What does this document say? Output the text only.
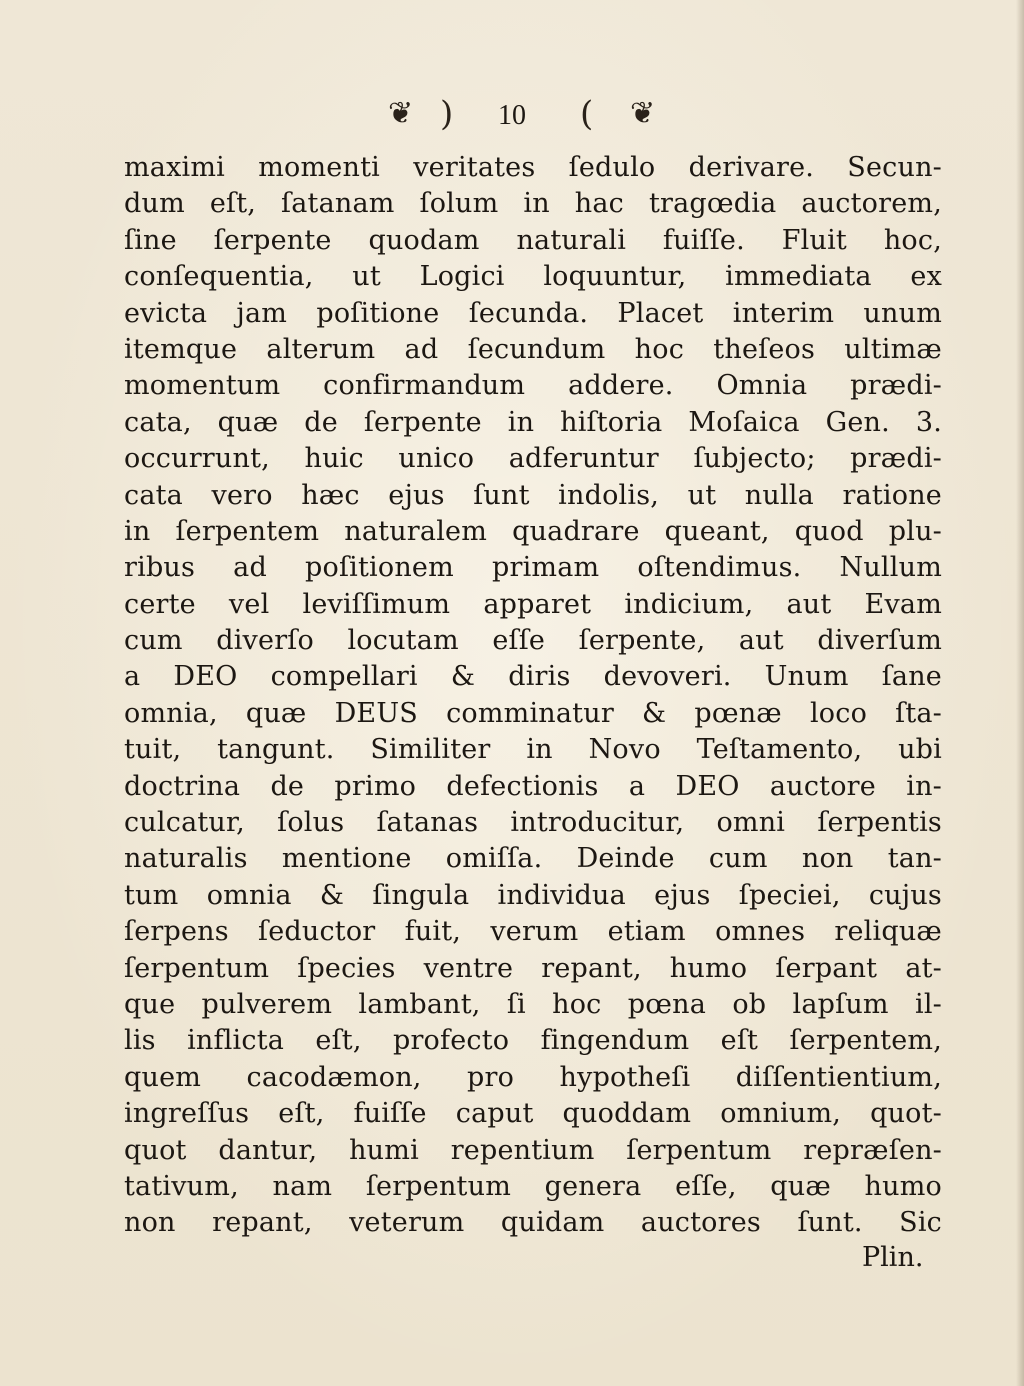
❦ ) 10 ( ❦
maximi momenti veritates ſedulo derivare. Secun-
dum eſt, ſatanam ſolum in hac tragœdia auctorem,
ſine ſerpente quodam naturali fuiſſe. Fluit hoc,
conſequentia, ut Logici loquuntur, immediata ex
evicta jam poſitione ſecunda. Placet interim unum
itemque alterum ad ſecundum hoc theſeos ultimæ
momentum confirmandum addere. Omnia prædi-
cata, quæ de ſerpente in hiſtoria Moſaica Gen. 3.
occurrunt, huic unico adferuntur ſubjecto; prædi-
cata vero hæc ejus ſunt indolis, ut nulla ratione
in ſerpentem naturalem quadrare queant, quod plu-
ribus ad poſitionem primam oſtendimus. Nullum
certe vel leviſſimum apparet indicium, aut Evam
cum diverſo locutam eſſe ſerpente, aut diverſum
a DEO compellari & diris devoveri. Unum ſane
omnia, quæ DEUS comminatur & pœnæ loco ſta-
tuit, tangunt. Similiter in Novo Teſtamento, ubi
doctrina de primo defectionis a DEO auctore in-
culcatur, ſolus ſatanas introducitur, omni ſerpentis
naturalis mentione omiſſa. Deinde cum non tan-
tum omnia & ſingula individua ejus ſpeciei, cujus
ſerpens ſeductor fuit, verum etiam omnes reliquæ
ſerpentum ſpecies ventre repant, humo ſerpant at-
que pulverem lambant, ſi hoc pœna ob lapſum il-
lis inflicta eſt, profecto fingendum eſt ſerpentem,
quem cacodæmon, pro hypotheſi diſſentientium,
ingreſſus eſt, fuiſſe caput quoddam omnium, quot-
quot dantur, humi repentium ſerpentum repræſen-
tativum, nam ſerpentum genera eſſe, quæ humo
non repant, veterum quidam auctores ſunt. Sic
Plin.
